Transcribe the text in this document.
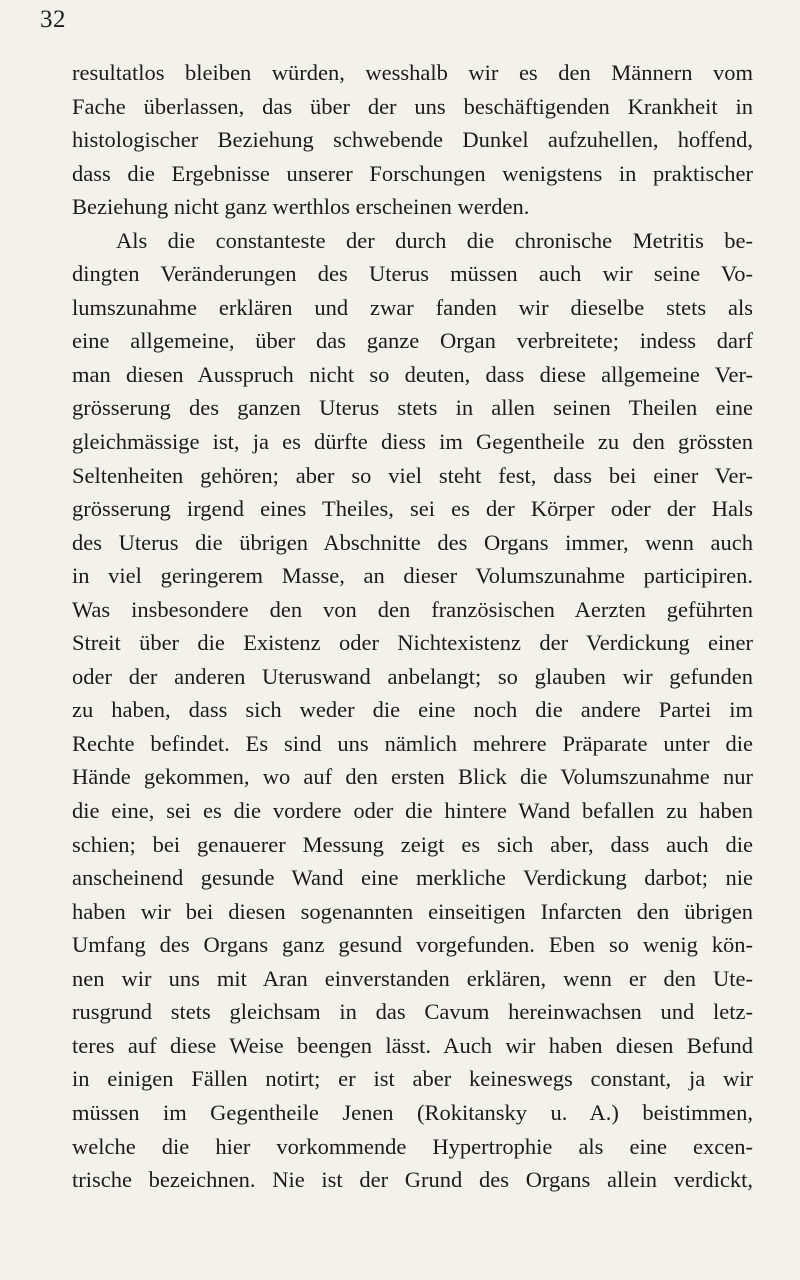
32
resultatlos bleiben würden, wesshalb wir es den Männern vom
Fache überlassen, das über der uns beschäftigenden Krankheit in
histologischer Beziehung schwebende Dunkel aufzuhellen, hoffend,
dass die Ergebnisse unserer Forschungen wenigstens in praktischer
Beziehung nicht ganz werthlos erscheinen werden.
Als die constanteste der durch die chronische Metritis be-
dingten Veränderungen des Uterus müssen auch wir seine Vo-
lumszunahme erklären und zwar fanden wir dieselbe stets als
eine allgemeine, über das ganze Organ verbreitete; indess darf
man diesen Ausspruch nicht so deuten, dass diese allgemeine Ver-
grösserung des ganzen Uterus stets in allen seinen Theilen eine
gleichmässige ist, ja es dürfte diess im Gegentheile zu den grössten
Seltenheiten gehören; aber so viel steht fest, dass bei einer Ver-
grösserung irgend eines Theiles, sei es der Körper oder der Hals
des Uterus die übrigen Abschnitte des Organs immer, wenn auch
in viel geringerem Masse, an dieser Volumszunahme participiren.
Was insbesondere den von den französischen Aerzten geführten
Streit über die Existenz oder Nichtexistenz der Verdickung einer
oder der anderen Uteruswand anbelangt; so glauben wir gefunden
zu haben, dass sich weder die eine noch die andere Partei im
Rechte befindet. Es sind uns nämlich mehrere Präparate unter die
Hände gekommen, wo auf den ersten Blick die Volumszunahme nur
die eine, sei es die vordere oder die hintere Wand befallen zu haben
schien; bei genauerer Messung zeigt es sich aber, dass auch die
anscheinend gesunde Wand eine merkliche Verdickung darbot; nie
haben wir bei diesen sogenannten einseitigen Infarcten den übrigen
Umfang des Organs ganz gesund vorgefunden. Eben so wenig kön-
nen wir uns mit Aran einverstanden erklären, wenn er den Ute-
rusgrund stets gleichsam in das Cavum hereinwachsen und letz-
teres auf diese Weise beengen lässt. Auch wir haben diesen Befund
in einigen Fällen notirt; er ist aber keineswegs constant, ja wir
müssen im Gegentheile Jenen (Rokitansky u. A.) beistimmen,
welche die hier vorkommende Hypertrophie als eine excen-
trische bezeichnen. Nie ist der Grund des Organs allein verdickt,
